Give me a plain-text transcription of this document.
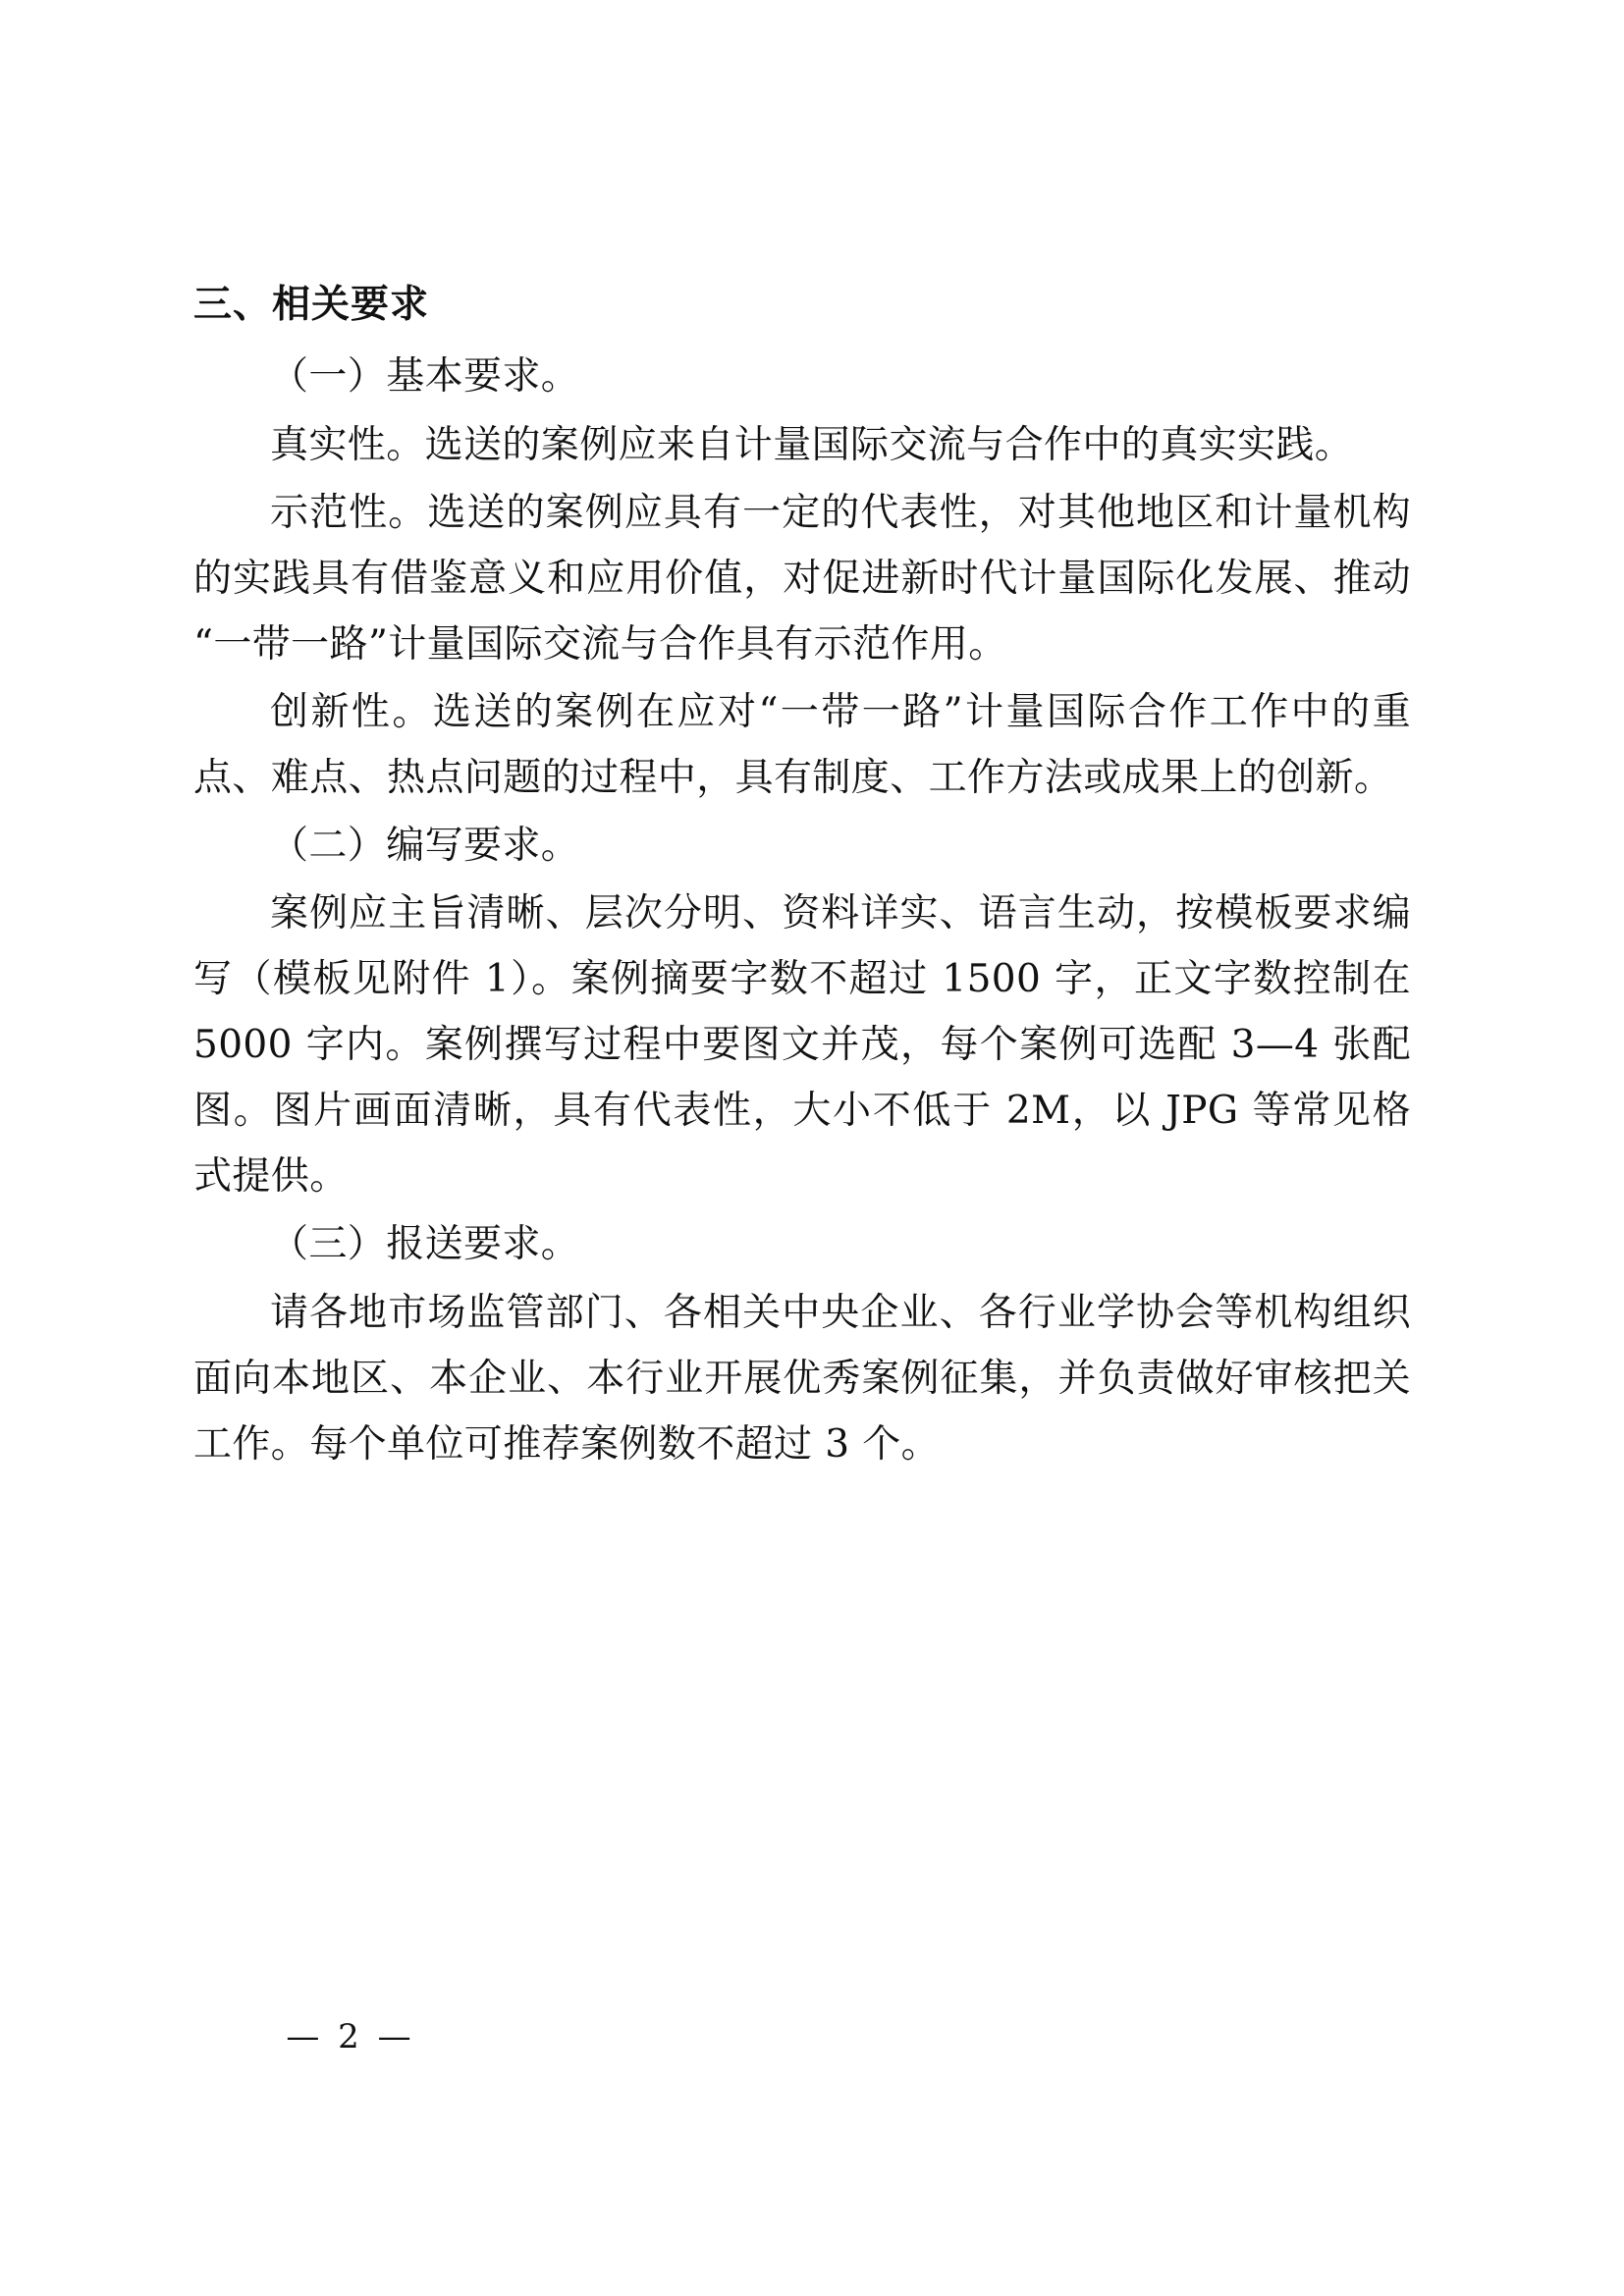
三、相关要求

（一）基本要求。

真实性。选送的案例应来自计量国际交流与合作中的真实实践。

示范性。选送的案例应具有一定的代表性，对其他地区和计量机构的实践具有借鉴意义和应用价值，对促进新时代计量国际化发展、推动“一带一路”计量国际交流与合作具有示范作用。

创新性。选送的案例在应对“一带一路”计量国际合作工作中的重点、难点、热点问题的过程中，具有制度、工作方法或成果上的创新。

（二）编写要求。

案例应主旨清晰、层次分明、资料详实、语言生动，按模板要求编写（模板见附件 1）。案例摘要字数不超过 1500 字，正文字数控制在 5000 字内。案例撰写过程中要图文并茂，每个案例可选配 3—4 张配图。图片画面清晰，具有代表性，大小不低于 2M，以 JPG 等常见格式提供。

（三）报送要求。

请各地市场监管部门、各相关中央企业、各行业学协会等机构组织面向本地区、本企业、本行业开展优秀案例征集，并负责做好审核把关工作。每个单位可推荐案例数不超过 3 个。

— 2 —
